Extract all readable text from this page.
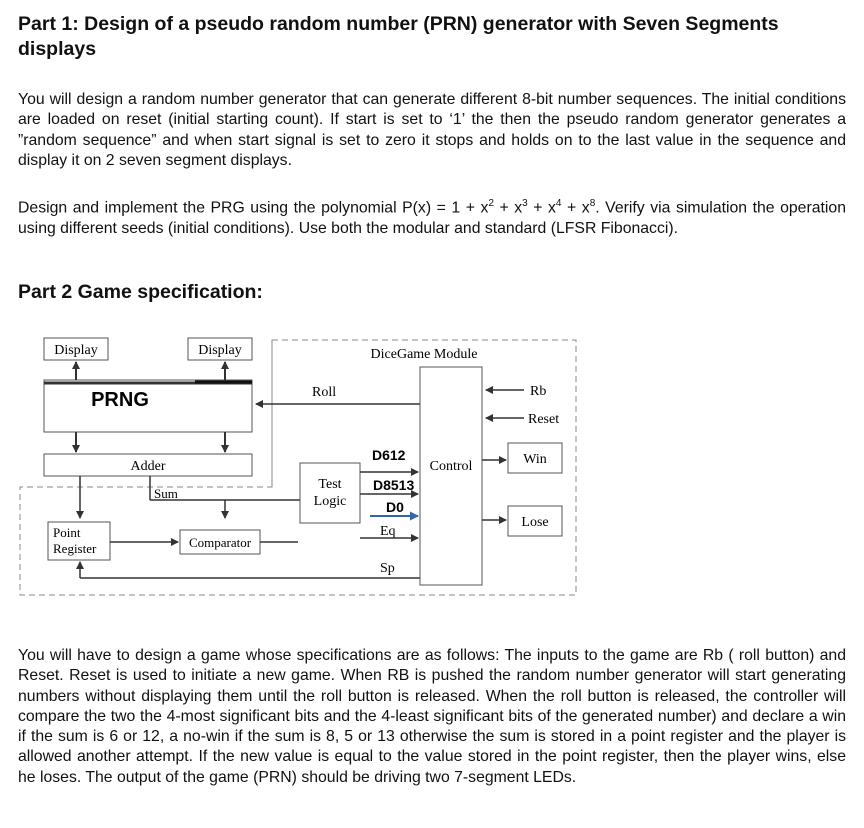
Part 1: Design of a pseudo random number (PRN) generator with Seven Segments displays

You will design a random number generator that can generate different 8-bit number sequences. The initial conditions are loaded on reset (initial starting count). If start is set to ‘1’ the then the pseudo random generator generates a ”random sequence” and when start signal is set to zero it stops and holds on to the last value in the sequence and display it on 2 seven segment displays.

Design and implement the PRG using the polynomial $P(x) = 1 + x^2 + x^3 + x^4 + x^8$. Verify via simulation the operation using different seeds (initial conditions). Use both the modular and standard (LFSR Fibonacci).

Part 2 Game specification:
DiceGame Module
Display	Display
PRNG
Adder
Sum
Point
Register	Comparator
Roll
Test
Logic
Control
D612
D8513
D0
Eq
Sp
Rb
Reset
Win
Lose

You will have to design a game whose specifications are as follows: The inputs to the game are Rb ( roll button) and Reset. Reset is used to initiate a new game. When RB is pushed the random number generator will start generating numbers without displaying them until the roll button is released. When the roll button is released, the controller will compare the two the 4-most significant bits and the 4-least significant bits of the generated number) and declare a win if the sum is 6 or 12, a no-win if the sum is 8, 5 or 13 otherwise the sum is stored in a point register and the player is allowed another attempt. If the new value is equal to the value stored in the point register, then the player wins, else he loses. The output of the game (PRN) should be driving two 7-segment LEDs.
